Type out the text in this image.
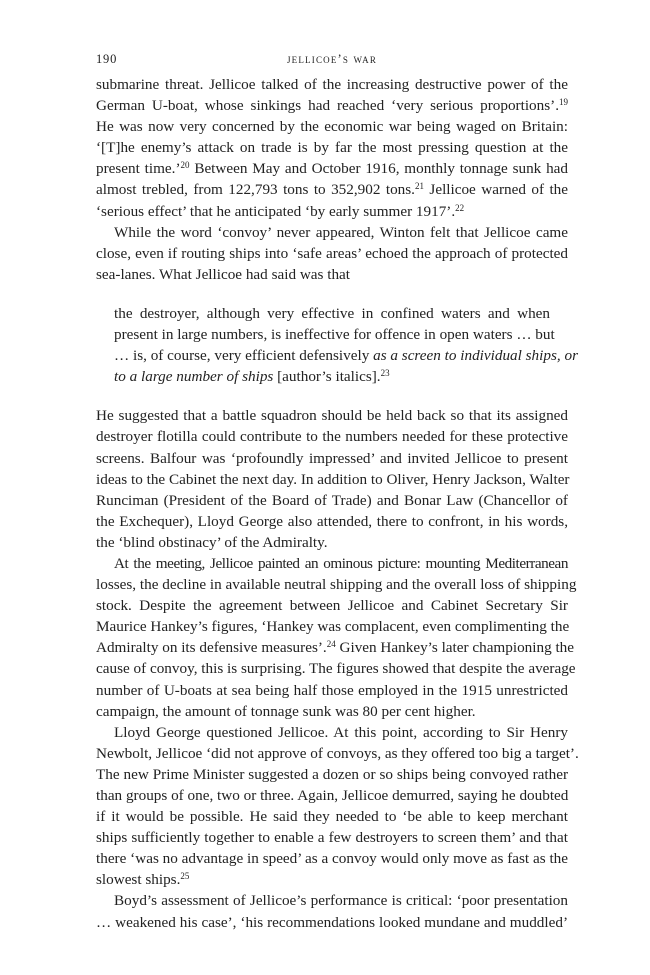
190	jellicoe’s war
submarine threat. Jellicoe talked of the increasing destructive power of the
German U-boat, whose sinkings had reached ‘very serious proportions’.$^{19}$
He was now very concerned by the economic war being waged on Britain:
‘[T]he enemy’s attack on trade is by far the most pressing question at the
present time.’$^{20}$ Between May and October 1916, monthly tonnage sunk had
almost trebled, from 122,793 tons to 352,902 tons.$^{21}$ Jellicoe warned of the
‘serious effect’ that he anticipated ‘by early summer 1917’.$^{22}$
While the word ‘convoy’ never appeared, Winton felt that Jellicoe came
close, even if routing ships into ‘safe areas’ echoed the approach of protected
sea-lanes. What Jellicoe had said was that
the destroyer, although very effective in confined waters and when
present in large numbers, is ineffective for offence in open waters … but
… is, of course, very efficient defensively as a screen to individual ships, or
to a large number of ships [author’s italics].$^{23}$
He suggested that a battle squadron should be held back so that its assigned
destroyer flotilla could contribute to the numbers needed for these protective
screens. Balfour was ‘profoundly impressed’ and invited Jellicoe to present
ideas to the Cabinet the next day. In addition to Oliver, Henry Jackson, Walter
Runciman (President of the Board of Trade) and Bonar Law (Chancellor of
the Exchequer), Lloyd George also attended, there to confront, in his words,
the ‘blind obstinacy’ of the Admiralty.
At the meeting, Jellicoe painted an ominous picture: mounting Mediterranean
losses, the decline in available neutral shipping and the overall loss of shipping
stock. Despite the agreement between Jellicoe and Cabinet Secretary Sir
Maurice Hankey’s figures, ‘Hankey was complacent, even complimenting the
Admiralty on its defensive measures’.$^{24}$ Given Hankey’s later championing the
cause of convoy, this is surprising. The figures showed that despite the average
number of U-boats at sea being half those employed in the 1915 unrestricted
campaign, the amount of tonnage sunk was 80 per cent higher.
Lloyd George questioned Jellicoe. At this point, according to Sir Henry
Newbolt, Jellicoe ‘did not approve of convoys, as they offered too big a target’.
The new Prime Minister suggested a dozen or so ships being convoyed rather
than groups of one, two or three. Again, Jellicoe demurred, saying he doubted
if it would be possible. He said they needed to ‘be able to keep merchant
ships sufficiently together to enable a few destroyers to screen them’ and that
there ‘was no advantage in speed’ as a convoy would only move as fast as the
slowest ships.$^{25}$
Boyd’s assessment of Jellicoe’s performance is critical: ‘poor presentation
… weakened his case’, ‘his recommendations looked mundane and muddled’
